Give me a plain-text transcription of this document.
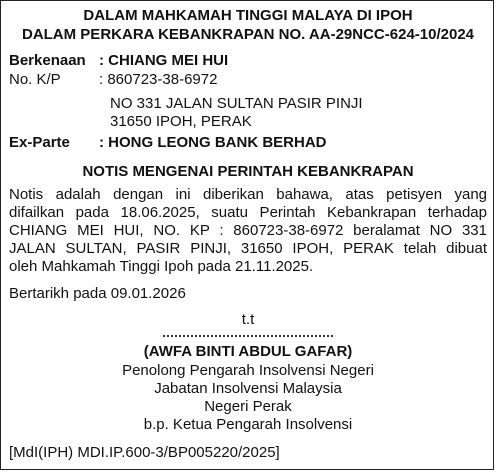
DALAM MAHKAMAH TINGGI MALAYA DI IPOH
DALAM PERKARA KEBANKRAPAN NO. AA-29NCC-624-10/2024
Berkenaan : CHIANG MEI HUI
No. K/P	: 860723-38-6972
NO 331 JALAN SULTAN PASIR PINJI
31650 IPOH, PERAK
Ex-Parte : HONG LEONG BANK BERHAD
NOTIS MENGENAI PERINTAH KEBANKRAPAN
Notis adalah dengan ini diberikan bahawa, atas petisyen yang
difailkan pada 18.06.2025, suatu Perintah Kebankrapan terhadap
CHIANG MEI HUI, NO. KP : 860723-38-6972 beralamat NO 331
JALAN SULTAN, PASIR PINJI, 31650 IPOH, PERAK telah dibuat
oleh Mahkamah Tinggi Ipoh pada 21.11.2025.
Bertarikh pada 09.01.2026
t.t
(AWFA BINTI ABDUL GAFAR)
Penolong Pengarah Insolvensi Negeri
Jabatan Insolvensi Malaysia
Negeri Perak
b.p. Ketua Pengarah Insolvensi
[MdI(IPH) MDI.IP.600-3/BP005220/2025]
